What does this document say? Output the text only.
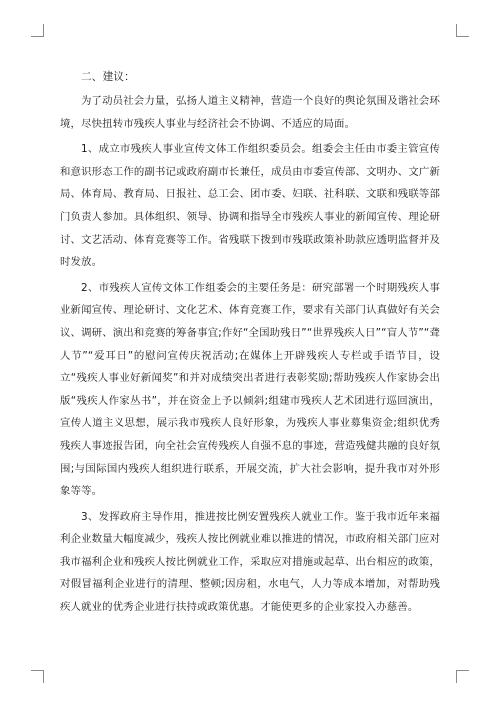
二、建议：

为了动员社会力量，弘扬人道主义精神，营造一个良好的舆论氛围及谐社会环境，尽快扭转市残疾人事业与经济社会不协调、不适应的局面。

1、成立市残疾人事业宣传文体工作组织委员会。组委会主任由市委主管宣传和意识形态工作的副书记或政府副市长兼任，成员由市委宣传部、文明办、文广新局、体育局、教育局、日报社、总工会、团市委、妇联、社科联、文联和残联等部门负责人参加。具体组织、领导、协调和指导全市残疾人事业的新闻宣传、理论研讨、文艺活动、体育竞赛等工作。省残联下拨到市残联政策补助款应透明监督并及时发放。

2、市残疾人宣传文体工作组委会的主要任务是：研究部署一个时期残疾人事业新闻宣传、理论研讨、文化艺术、体育竞赛工作，要求有关部门认真做好有关会议、调研、演出和竞赛的筹备事宜;作好“全国助残日”“世界残疾人日”“盲人节”“聋人节”“爱耳日”的慰问宣传庆祝活动;在媒体上开辟残疾人专栏或手语节目，设立“残疾人事业好新闻奖”和并对成绩突出者进行表彰奖励;帮助残疾人作家协会出版“残疾人作家丛书”，并在资金上予以倾斜;组建市残疾人艺术团进行巡回演出，宣传人道主义思想，展示我市残疾人良好形象，为残疾人事业募集资金;组织优秀残疾人事迹报告团，向全社会宣传残疾人自强不息的事迹，营造残健共融的良好氛围;与国际国内残疾人组织进行联系，开展交流，扩大社会影响，提升我市对外形象等等。

3、发挥政府主导作用，推进按比例安置残疾人就业工作。鉴于我市近年来福利企业数量大幅度减少，残疾人按比例就业难以推进的情况，市政府相关部门应对我市福利企业和残疾人按比例就业工作，采取应对措施或起草、出台相应的政策，对假冒福利企业进行的清理、整顿;因房租，水电气，人力等成本增加，对帮助残疾人就业的优秀企业进行扶持或政策优惠。才能使更多的企业家投入办慈善。
